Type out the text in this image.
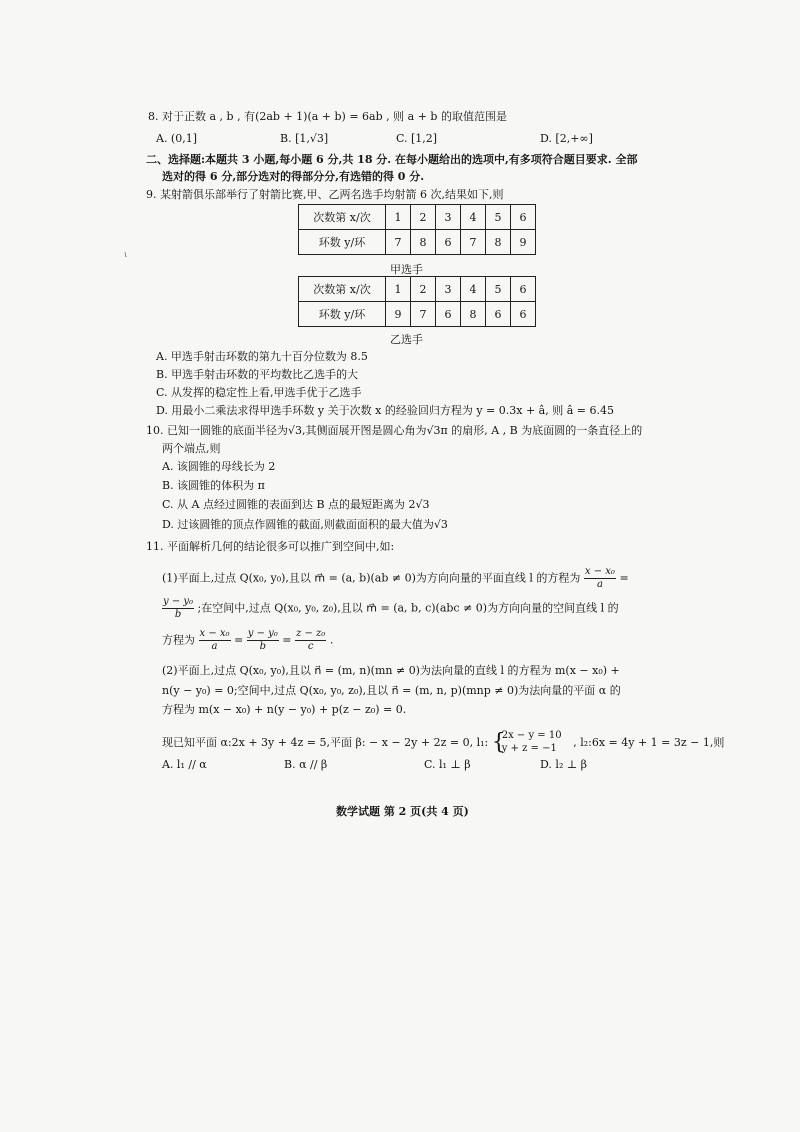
8. 对于正数 a , b , 有(2ab + 1)(a + b) = 6ab , 则 a + b 的取值范围是
A. (0,1]	B. [1,√3]	C. [1,2]	D. [2,+∞]
二、选择题:本题共 3 小题,每小题 6 分,共 18 分. 在每小题给出的选项中,有多项符合题目要求. 全部
选对的得 6 分,部分选对的得部分分,有选错的得 0 分.
9. 某射箭俱乐部举行了射箭比赛,甲、乙两名选手均射箭 6 次,结果如下,则
次数第 x/次	1	2	3	4	5	6
环数 y/环	7	8	6	7	8	9
甲选手
ι
次数第 x/次	1	2	3	4	5	6
环数 y/环	9	7	6	8	6	6
乙选手
A. 甲选手射击环数的第九十百分位数为 8.5
B. 甲选手射击环数的平均数比乙选手的大
C. 从发挥的稳定性上看,甲选手优于乙选手
D. 用最小二乘法求得甲选手环数 y 关于次数 x 的经验回归方程为 y = 0.3x + â, 则 â = 6.45
10. 已知一圆锥的底面半径为√3,其侧面展开图是圆心角为√3π 的扇形, A , B 为底面圆的一条直径上的
两个端点,则
A. 该圆锥的母线长为 2
B. 该圆锥的体积为 π
C. 从 A 点经过圆锥的表面到达 B 点的最短距离为 2√3
D. 过该圆锥的顶点作圆锥的截面,则截面面积的最大值为√3
11. 平面解析几何的结论很多可以推广到空间中,如:
(1)平面上,过点 Q(x₀, y₀),且以 m⃗ = (a, b)(ab ≠ 0)为方向向量的平面直线 l 的方程为 $\frac{\text{x − x₀}}{a}$ =
$\frac{\text{y − y₀}}{b}$ ;在空间中,过点 Q(x₀, y₀, z₀),且以 m⃗ = (a, b, c)(abc ≠ 0)为方向向量的空间直线 l 的
方程为 $\frac{\text{x − x₀}}{a} = \frac{\text{y − y₀}}{b} = \frac{\text{z − z₀}}{c}$ .
(2)平面上,过点 Q(x₀, y₀),且以 n⃗ = (m, n)(mn ≠ 0)为法向量的直线 l 的方程为 m(x − x₀) +
n(y − y₀) = 0;空间中,过点 Q(x₀, y₀, z₀),且以 n⃗ = (m, n, p)(mnp ≠ 0)为法向量的平面 α 的
方程为 m(x − x₀) + n(y − y₀) + p(z − z₀) = 0.
现已知平面 α:2x + 3y + 4z = 5,平面 β: − x − 2y + 2z = 0, l₁: {
2x − y = 10
y + z = −1 , l₂:6x = 4y + 1 = 3z − 1,则
A. l₁ // α	B. α // β	C. l₁ ⊥ β	D. l₂ ⊥ β
数学试题 第 2 页(共 4 页)
